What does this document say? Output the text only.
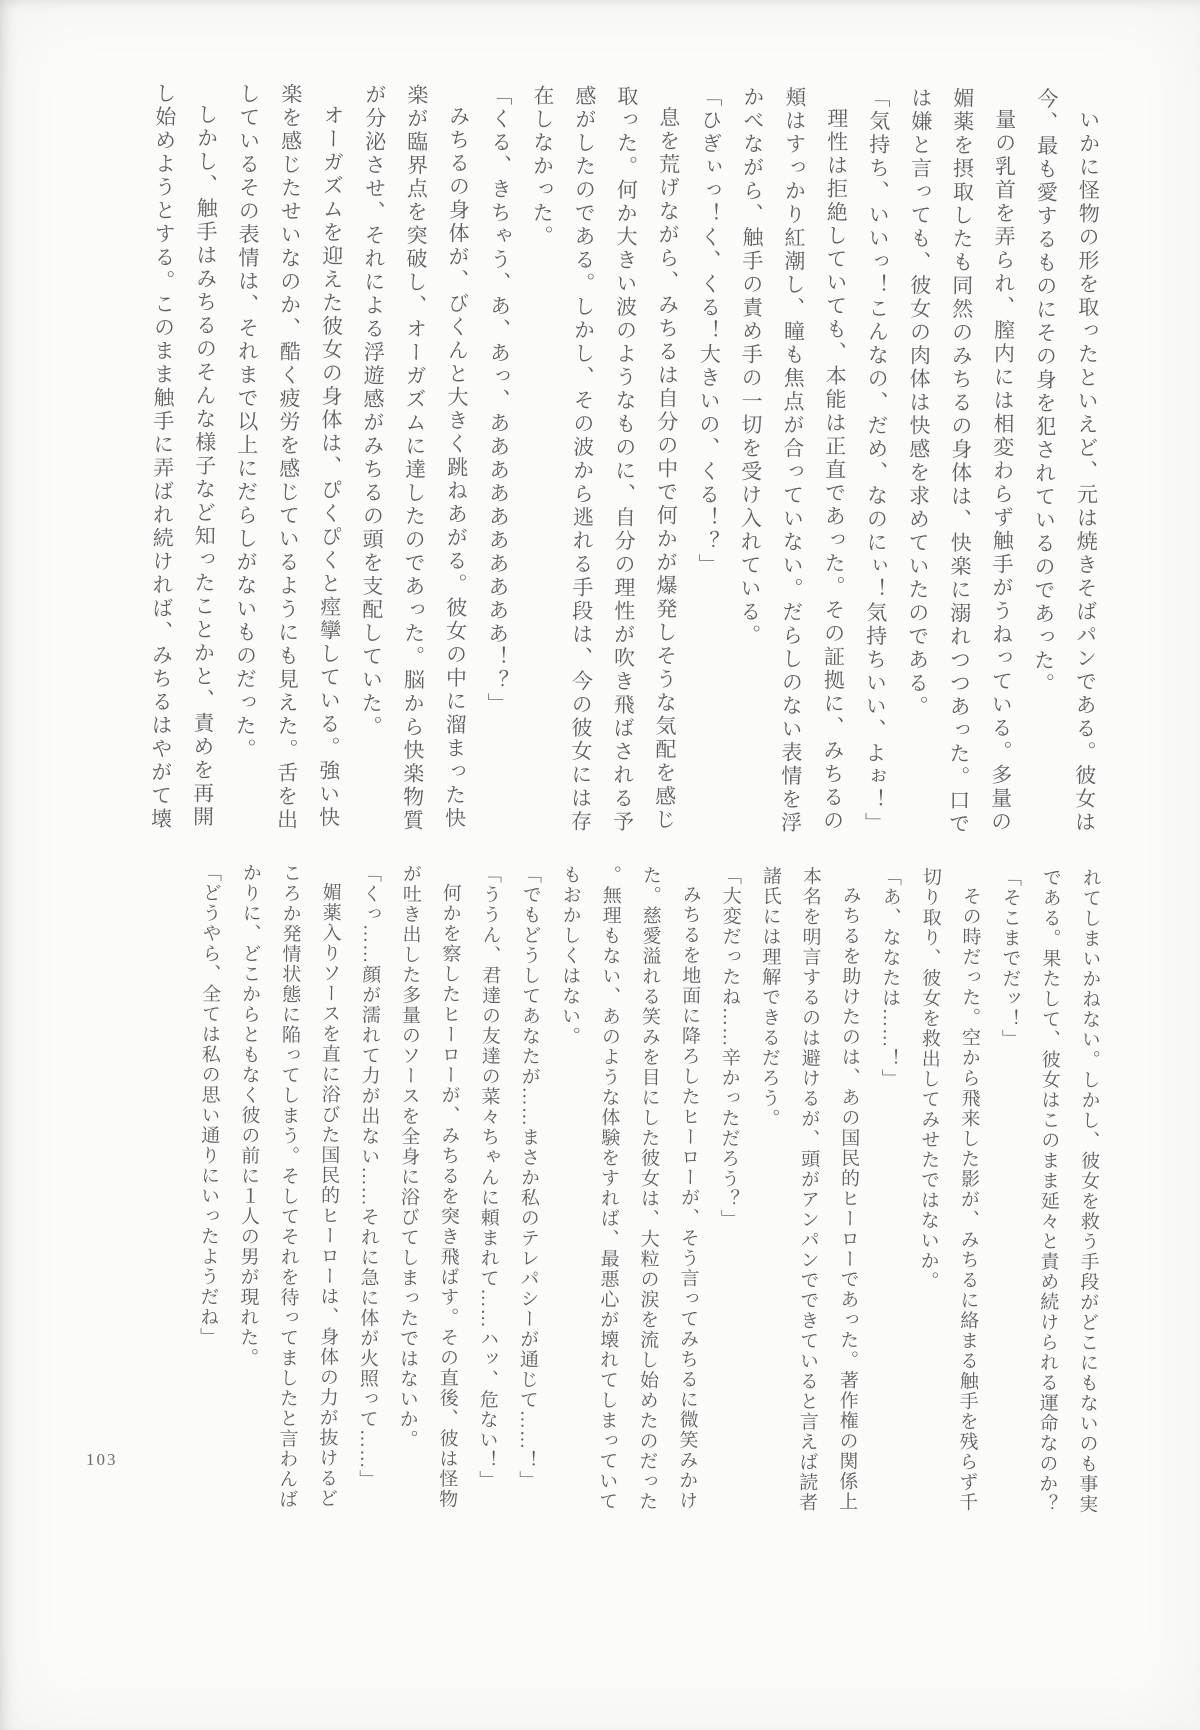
いかに怪物の形を取ったといえど、元は焼きそばパンである。彼女は今、最も愛するものにその身を犯されているのであった。

量の乳首を弄られ、膣内には相変わらず触手がうねっている。多量の媚薬を摂取したも同然のみちるの身体は、快楽に溺れつつあった。口では嫌と言っても、彼女の肉体は快感を求めていたのである。

「気持ち、いいっ！こんなの、だめ、なのにぃ！気持ちいい、よぉ！」

理性は拒絶していても、本能は正直であった。その証拠に、みちるの頬はすっかり紅潮し、瞳も焦点が合っていない。だらしのない表情を浮かべながら、触手の責め手の一切を受け入れている。

「ひぎぃっ！く、くる！大きいの、くる！？」

息を荒げながら、みちるは自分の中で何かが爆発しそうな気配を感じ取った。何か大きい波のようなものに、自分の理性が吹き飛ばされる予感がしたのである。しかし、その波から逃れる手段は、今の彼女には存在しなかった。

「くる、きちゃう、あ、あっ、ああああああああああ！？」

みちるの身体が、びくんと大きく跳ねあがる。彼女の中に溜まった快楽が臨界点を突破し、オーガズムに達したのであった。脳から快楽物質が分泌させ、それによる浮遊感がみちるの頭を支配していた。

オーガズムを迎えた彼女の身体は、ぴくぴくと痙攣している。強い快楽を感じたせいなのか、酷く疲労を感じているようにも見えた。舌を出しているその表情は、それまで以上にだらしがないものだった。

しかし、触手はみちるのそんな様子など知ったことかと、責めを再開し始めようとする。このまま触手に弄ばれ続ければ、みちるはやがて壊

れてしまいかねない。しかし、彼女を救う手段がどこにもないのも事実である。果たして、彼女はこのまま延々と責め続けられる運命なのか？

「そこまでだッ！」

その時だった。空から飛来した影が、みちるに絡まる触手を残らず千切り取り、彼女を救出してみせたではないか。

「あ、ななたは……！」

みちるを助けたのは、あの国民的ヒーローであった。著作権の関係上本名を明言するのは避けるが、頭がアンパンでできていると言えば読者諸氏には理解できるだろう。

「大変だったね……辛かっただろう？」

みちるを地面に降ろしたヒーローが、そう言ってみちるに微笑みかけた。慈愛溢れる笑みを目にした彼女は、大粒の涙を流し始めたのだった。無理もない、あのような体験をすれば、最悪心が壊れてしまっていてもおかしくはない。

「でもどうしてあなたが……まさか私のテレパシーが通じて……！」

「ううん、君達の友達の菜々ちゃんに頼まれて……ハッ、危ない！」

何かを察したヒーローが、みちるを突き飛ばす。その直後、彼は怪物が吐き出した多量のソースを全身に浴びてしまったではないか。

「くっ……顔が濡れて力が出ない……それに急に体が火照って……」

媚薬入りソースを直に浴びた国民的ヒーローは、身体の力が抜けるどころか発情状態に陥ってしまう。そしてそれを待ってましたと言わんばかりに、どこからともなく彼の前に１人の男が現れた。

「どうやら、全ては私の思い通りにいったようだね」

103
